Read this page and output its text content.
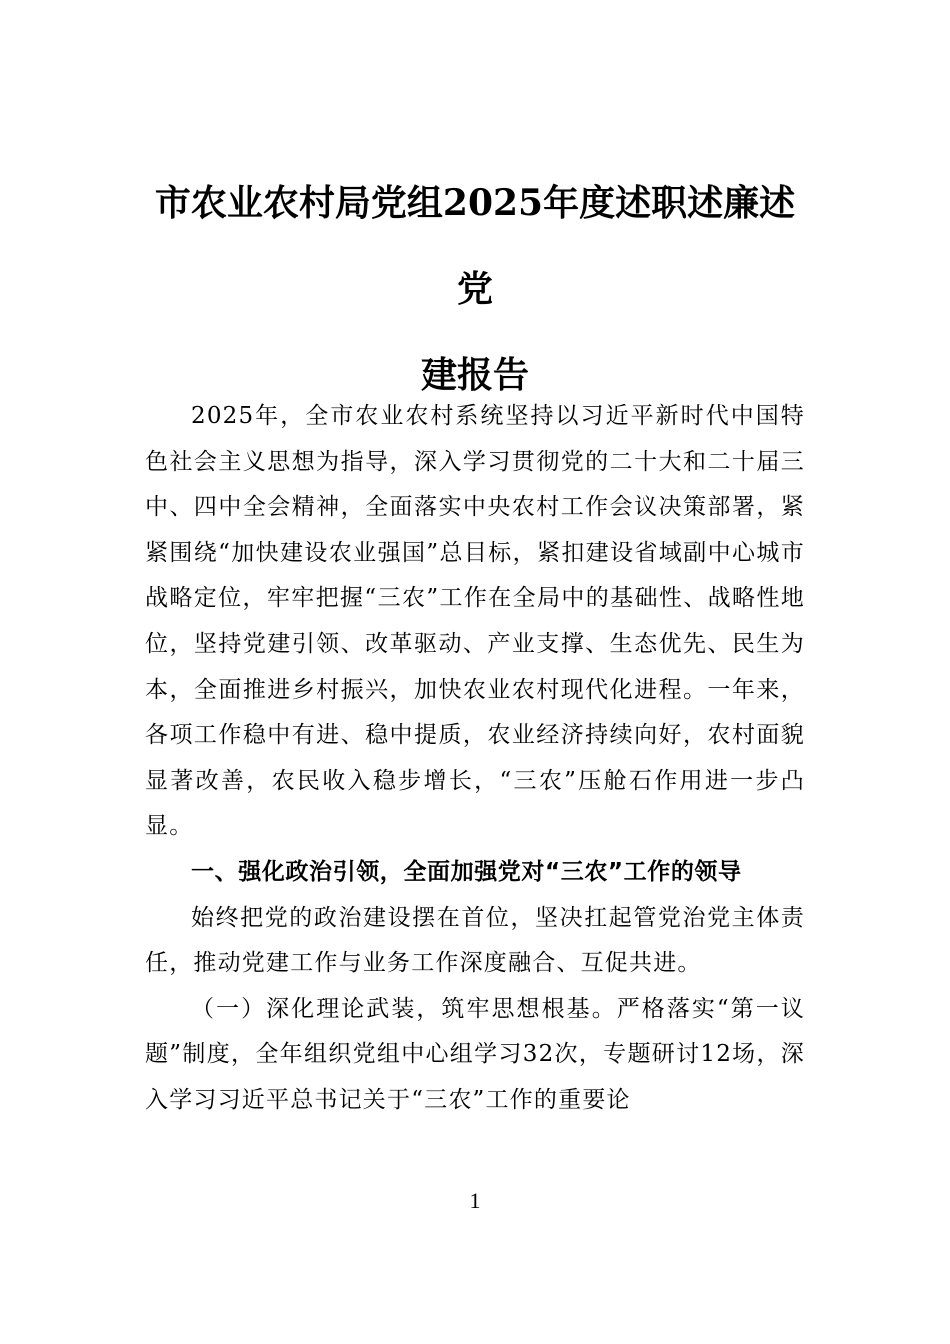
市农业农村局党组2025年度述职述廉述党
建报告

2025年，全市农业农村系统坚持以习近平新时代中国特色社会主义思想为指导，深入学习贯彻党的二十大和二十届三中、四中全会精神，全面落实中央农村工作会议决策部署，紧紧围绕“加快建设农业强国”总目标，紧扣建设省域副中心城市战略定位，牢牢把握“三农”工作在全局中的基础性、战略性地位，坚持党建引领、改革驱动、产业支撑、生态优先、民生为本，全面推进乡村振兴，加快农业农村现代化进程。一年来，各项工作稳中有进、稳中提质，农业经济持续向好，农村面貌显著改善，农民收入稳步增长，“三农”压舱石作用进一步凸显。

一、强化政治引领，全面加强党对“三农”工作的领导

始终把党的政治建设摆在首位，坚决扛起管党治党主体责任，推动党建工作与业务工作深度融合、互促共进。

（一）深化理论武装，筑牢思想根基。严格落实“第一议题”制度，全年组织党组中心组学习32次，专题研讨12场，深入学习习近平总书记关于“三农”工作的重要论

1
